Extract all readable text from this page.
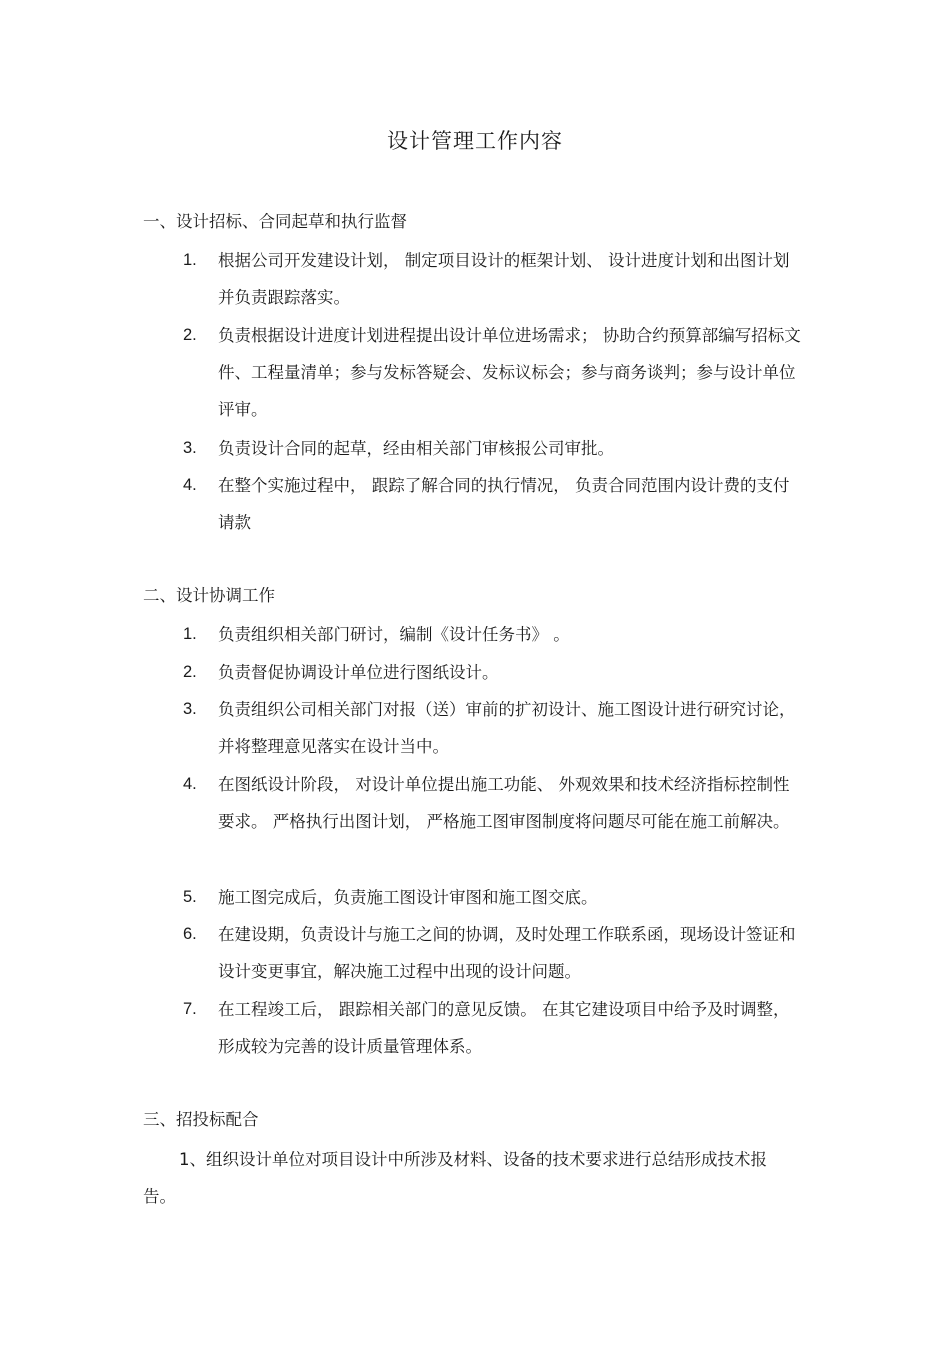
设计管理工作内容
一、设计招标、合同起草和执行监督
1.	根据公司开发建设计划， 制定项目设计的框架计划、 设计进度计划和出图计划并负责跟踪落实。
2.	负责根据设计进度计划进程提出设计单位进场需求； 协助合约预算部编写招标文件、工程量清单；参与发标答疑会、发标议标会；参与商务谈判；参与设计单位评审。
3.	负责设计合同的起草，经由相关部门审核报公司审批。
4.	在整个实施过程中， 跟踪了解合同的执行情况， 负责合同范围内设计费的支付请款
二、设计协调工作
1.	负责组织相关部门研讨，编制《设计任务书》 。
2.	负责督促协调设计单位进行图纸设计。
3.	负责组织公司相关部门对报（送）审前的扩初设计、施工图设计进行研究讨论，并将整理意见落实在设计当中。
4.	在图纸设计阶段， 对设计单位提出施工功能、 外观效果和技术经济指标控制性要求。 严格执行出图计划， 严格施工图审图制度将问题尽可能在施工前解决。
5.	施工图完成后，负责施工图设计审图和施工图交底。
6.	在建设期，负责设计与施工之间的协调，及时处理工作联系函，现场设计签证和设计变更事宜，解决施工过程中出现的设计问题。
7.	在工程竣工后， 跟踪相关部门的意见反馈。 在其它建设项目中给予及时调整，形成较为完善的设计质量管理体系。
三、招投标配合
1、组织设计单位对项目设计中所涉及材料、设备的技术要求进行总结形成技术报告。
